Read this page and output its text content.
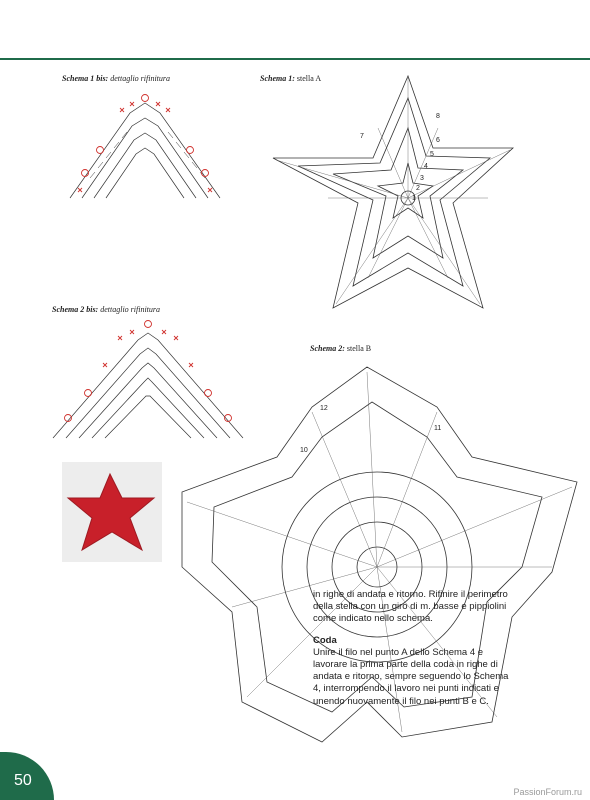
Schema 1 bis: dettaglio rifinitura	Schema 1: stella A
Schema 2 bis: dettaglio rifinitura
Schema 2: stella B
8
7
6
5
4
3
2
1
12
11
10

in righe di andata e ritorno. Rifinire il perimetro della stella con un giro di m. basse e pippiolini come indicato nello schema.

Coda

Unire il filo nel punto A dello Schema 4 e lavorare la prima parte della coda in righe di andata e ritorno, sempre seguendo lo Schema 4, interrompendo il lavoro nei punti indicati e unendo nuovamente il filo nei punti B e C.

50
PassionForum.ru
